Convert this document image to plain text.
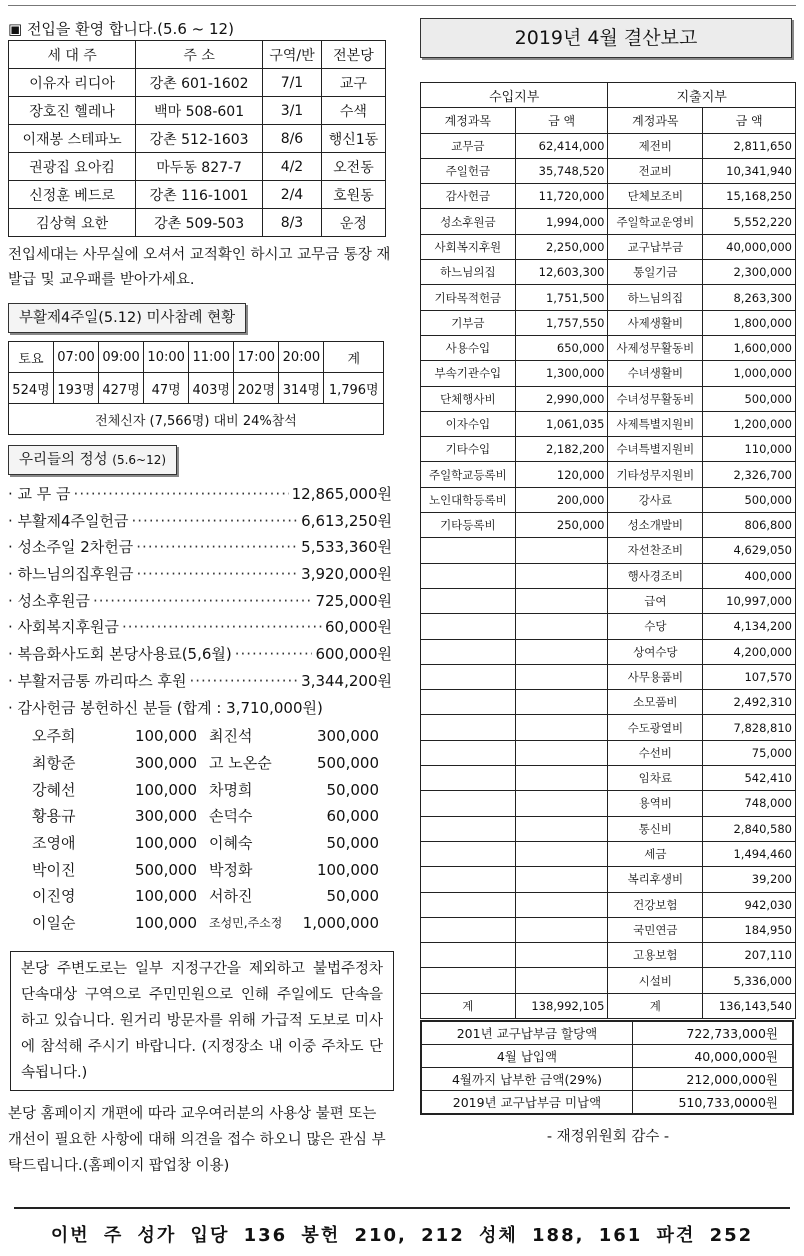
▣ 전입을 환영 합니다.(5.6 ~ 12)
세 대 주	주 소	구역/반	전본당
이유자 리디아	강촌 601-1602	7/1	교구
장호진 헬레나	백마 508-601	3/1	수색
이재봉 스테파노	강촌 512-1603	8/6	행신1동
권광집 요아킴	마두동 827-7	4/2	오전동
신정훈 베드로	강촌 116-1001	2/4	호원동
김상혁 요한	강촌 509-503	8/3	운정
전입세대는 사무실에 오셔서 교적확인 하시고 교무금 통장 재발급 및 교우패를 받아가세요.
부활제4주일(5.12) 미사참례 현황
토요	07:00	09:00	10:00	11:00	17:00	20:00	계
524명	193명	427명	47명	403명	202명	314명	1,796명
전체신자 (7,566명) 대비 24%참석							
우리들의 정성 (5.6~12)
· 교 무 금 ·····	12,865,000원
· 부활제4주일헌금 ·····	6,613,250원
· 성소주일 2차헌금 ·····	5,533,360원
· 하느님의집후원금 ·····	3,920,000원
· 성소후원금 ·····	725,000원
· 사회복지후원금 ·····	60,000원
· 복음화사도회 본당사용료(5,6월) ·····	600,000원
· 부활저금통 까리따스 후원 ·····	3,344,200원
· 감사헌금 봉헌하신 분들 (합계 : 3,710,000원)
오주희	100,000 최진석	300,000
최항준	300,000 고 노온순	500,000
강혜선	100,000 차명희	50,000
황용규	300,000 손덕수	60,000
조영애	100,000 이혜숙	50,000
박이진	500,000 박정화	100,000
이진영	100,000 서하진	50,000
이일순	100,000	조성민,주소정	1,000,000
본당 주변도로는 일부 지정구간을 제외하고 불법주정차 단속대상 구역으로 주민민원으로 인해 주일에도 단속을 하고 있습니다. 원거리 방문자를 위해 가급적 도보로 미사에 참석해 주시기 바랍니다. (지정장소 내 이중 주차도 단속됩니다.)
본당 홈페이지 개편에 따라 교우여러분의 사용상 불편 또는 개선이 필요한 사항에 대해 의견을 접수 하오니 많은 관심 부탁드립니다.(홈페이지 팝업창 이용)
2019년 4월 결산보고
수입지부		지출지부	
계정과목	금 액	계정과목	금 액
교무금	62,414,000	제전비	2,811,650
주일헌금	35,748,520	전교비	10,341,940
감사헌금	11,720,000	단체보조비	15,168,250
성소후원금	1,994,000	주일학교운영비	5,552,220
사회복지후원	2,250,000	교구납부금	40,000,000
하느님의집	12,603,300	통일기금	2,300,000
기타목적헌금	1,751,500	하느님의집	8,263,300
기부금	1,757,550	사제생활비	1,800,000
사용수입	650,000	사제성무활동비	1,600,000
부속기관수입	1,300,000	수녀생활비	1,000,000
단체행사비	2,990,000	수녀성무활동비	500,000
이자수입	1,061,035	사제특별지원비	1,200,000
기타수입	2,182,200	수녀특별지원비	110,000
주일학교등록비	120,000	기타성무지원비	2,326,700
노인대학등록비	200,000	강사료	500,000
기타등록비	250,000	성소개발비	806,800
		자선찬조비	4,629,050
		행사경조비	400,000
		급여	10,997,000
		수당	4,134,200
		상여수당	4,200,000
		사무용품비	107,570
		소모품비	2,492,310
		수도광열비	7,828,810
		수선비	75,000
		임차료	542,410
		용역비	748,000
		통신비	2,840,580
		세금	1,494,460
		복리후생비	39,200
		건강보험	942,030
		국민연금	184,950
		고용보험	207,110
		시설비	5,336,000
계	138,992,105	계	136,143,540
201년 교구납부금 할당액	722,733,000원
4월 납입액	40,000,000원
4월까지 납부한 금액(29%)	212,000,000원
2019년 교구납부금 미납액	510,733,0000원
- 재정위원회 감수 -
이번 주 성가 입당 136 봉헌 210, 212 성체 188, 161 파견 252
